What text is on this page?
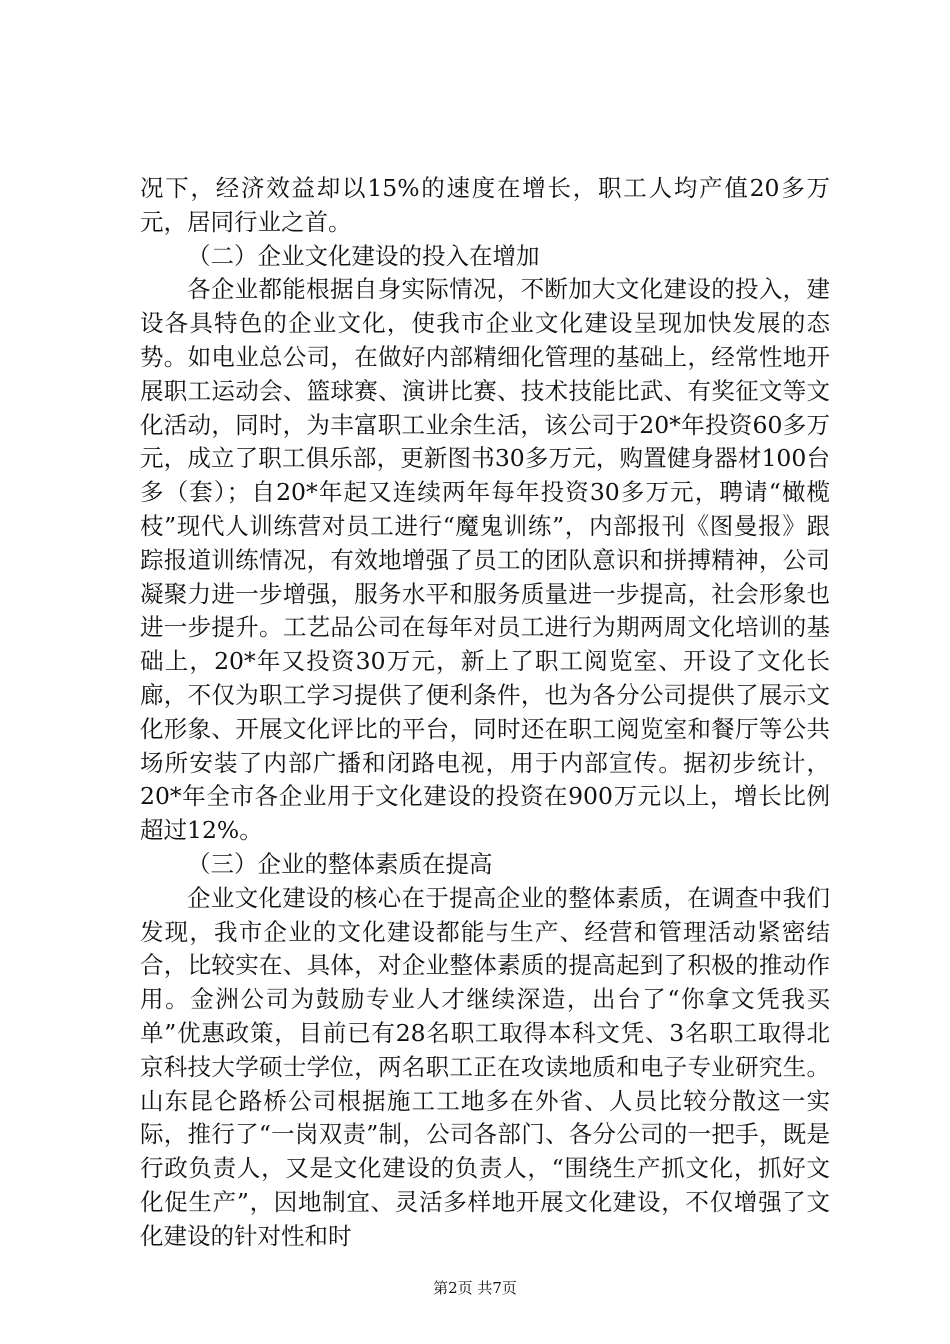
况下，经济效益却以15%的速度在增长，职工人均产值20多万元，居同行业之首。

（二）企业文化建设的投入在增加

各企业都能根据自身实际情况，不断加大文化建设的投入，建设各具特色的企业文化，使我市企业文化建设呈现加快发展的态势。如电业总公司，在做好内部精细化管理的基础上，经常性地开展职工运动会、篮球赛、演讲比赛、技术技能比武、有奖征文等文化活动，同时，为丰富职工业余生活，该公司于20*年投资60多万元，成立了职工俱乐部，更新图书30多万元，购置健身器材100台多（套）；自20*年起又连续两年每年投资30多万元，聘请“橄榄枝”现代人训练营对员工进行“魔鬼训练”，内部报刊《图曼报》跟踪报道训练情况，有效地增强了员工的团队意识和拼搏精神，公司凝聚力进一步增强，服务水平和服务质量进一步提高，社会形象也进一步提升。工艺品公司在每年对员工进行为期两周文化培训的基础上，20*年又投资30万元，新上了职工阅览室、开设了文化长廊，不仅为职工学习提供了便利条件，也为各分公司提供了展示文化形象、开展文化评比的平台，同时还在职工阅览室和餐厅等公共场所安装了内部广播和闭路电视，用于内部宣传。据初步统计，20*年全市各企业用于文化建设的投资在900万元以上，增长比例超过12%。

（三）企业的整体素质在提高

企业文化建设的核心在于提高企业的整体素质，在调查中我们发现，我市企业的文化建设都能与生产、经营和管理活动紧密结合，比较实在、具体，对企业整体素质的提高起到了积极的推动作用。金洲公司为鼓励专业人才继续深造，出台了“你拿文凭我买单”优惠政策，目前已有28名职工取得本科文凭、3名职工取得北京科技大学硕士学位，两名职工正在攻读地质和电子专业研究生。山东昆仑路桥公司根据施工工地多在外省、人员比较分散这一实际，推行了“一岗双责”制，公司各部门、各分公司的一把手，既是行政负责人，又是文化建设的负责人，“围绕生产抓文化，抓好文化促生产”，因地制宜、灵活多样地开展文化建设，不仅增强了文化建设的针对性和时

第2页 共7页
